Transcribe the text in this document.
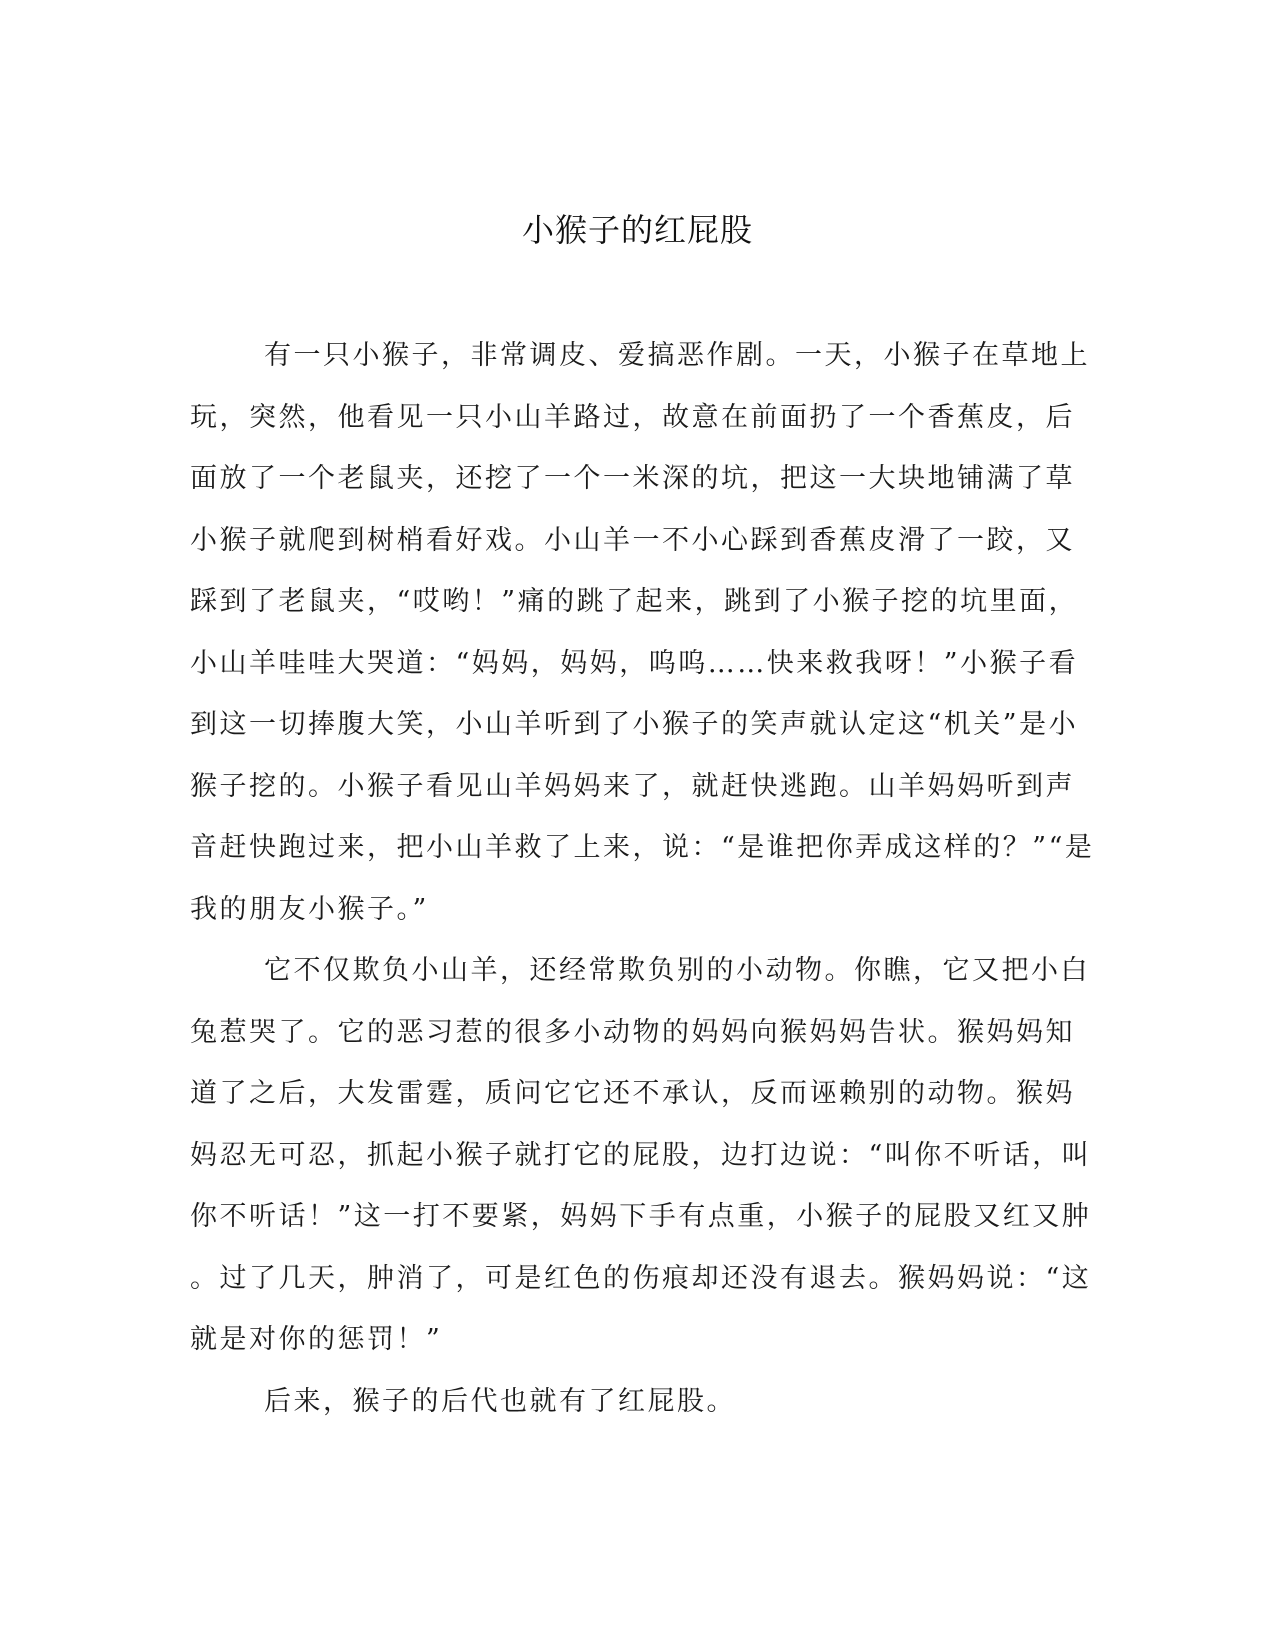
小猴子的红屁股
有一只小猴子，非常调皮、爱搞恶作剧。一天，小猴子在草地上
玩，突然，他看见一只小山羊路过，故意在前面扔了一个香蕉皮，后
面放了一个老鼠夹，还挖了一个一米深的坑，把这一大块地铺满了草
小猴子就爬到树梢看好戏。小山羊一不小心踩到香蕉皮滑了一跤，又
踩到了老鼠夹，“哎哟！”痛的跳了起来，跳到了小猴子挖的坑里面，
小山羊哇哇大哭道：“妈妈，妈妈，呜呜……快来救我呀！”小猴子看
到这一切捧腹大笑，小山羊听到了小猴子的笑声就认定这“机关”是小
猴子挖的。小猴子看见山羊妈妈来了，就赶快逃跑。山羊妈妈听到声
音赶快跑过来，把小山羊救了上来，说：“是谁把你弄成这样的？”“是
我的朋友小猴子。”
它不仅欺负小山羊，还经常欺负别的小动物。你瞧，它又把小白
兔惹哭了。它的恶习惹的很多小动物的妈妈向猴妈妈告状。猴妈妈知
道了之后，大发雷霆，质问它它还不承认，反而诬赖别的动物。猴妈
妈忍无可忍，抓起小猴子就打它的屁股，边打边说：“叫你不听话，叫
你不听话！”这一打不要紧，妈妈下手有点重，小猴子的屁股又红又肿
。过了几天，肿消了，可是红色的伤痕却还没有退去。猴妈妈说：“这
就是对你的惩罚！”
后来，猴子的后代也就有了红屁股。
